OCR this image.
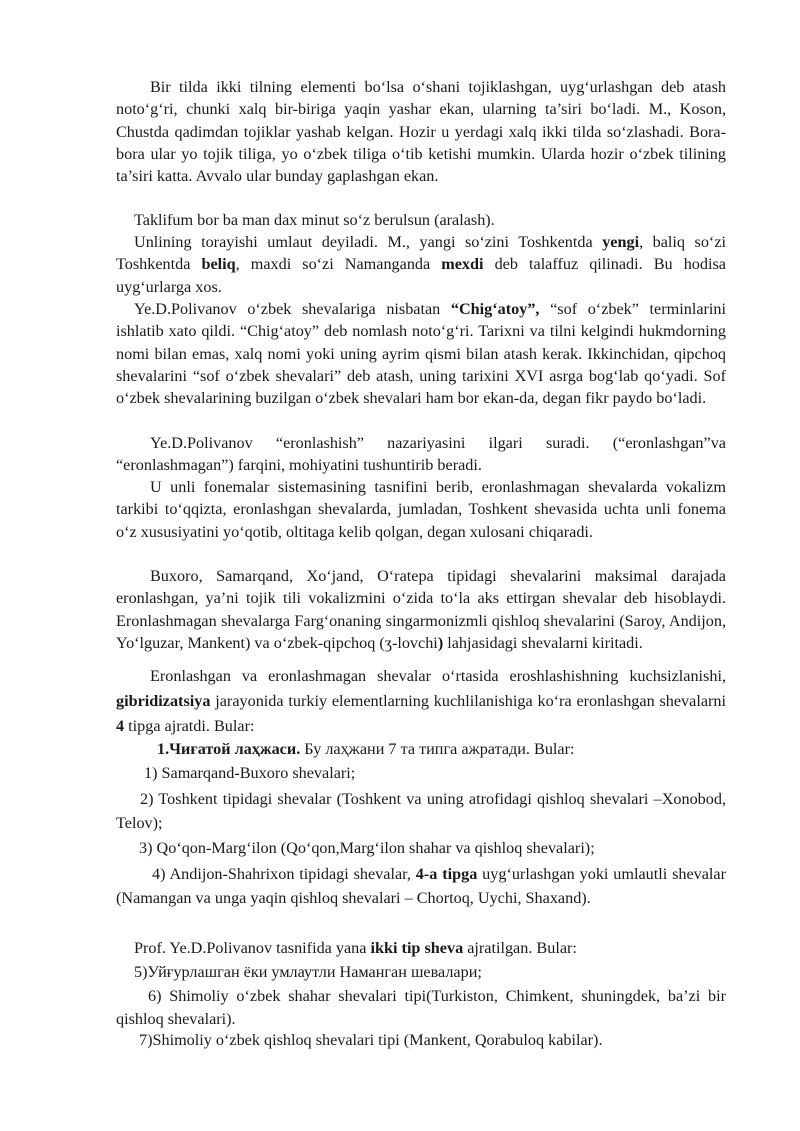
Bir tilda ikki tilning elementi bo‘lsa o‘shani tojiklashgan, uyg‘urlashgan deb atash noto‘g‘ri, chunki xalq bir-biriga yaqin yashar ekan, ularning ta’siri bo‘ladi. M., Koson, Chustda qadimdan tojiklar yashab kelgan. Hozir u yerdagi xalq ikki tilda so‘zlashadi. Bora-bora ular yo tojik tiliga, yo o‘zbek tiliga o‘tib ketishi mumkin. Ularda hozir o‘zbek tilining ta’siri katta. Avvalo ular bunday gaplashgan ekan.

Taklifum bor ba man dax minut so‘z berulsun (aralash).

Unlining torayishi umlaut deyiladi. M., yangi so‘zini Toshkentda yengi, baliq so‘zi Toshkentda beliq, maxdi so‘zi Namanganda mexdi deb talaffuz qilinadi. Bu hodisa uyg‘urlarga xos.

Ye.D.Polivanov o‘zbek shevalariga nisbatan “Chig‘atoy”, “sof o‘zbek” terminlarini ishlatib xato qildi. “Chig‘atoy” deb nomlash noto‘g‘ri. Tarixni va tilni kelgindi hukmdorning nomi bilan emas, xalq nomi yoki uning ayrim qismi bilan atash kerak. Ikkinchidan, qipchoq shevalarini “sof o‘zbek shevalari” deb atash, uning tarixini XVI asrga bog‘lab qo‘yadi. Sof o‘zbek shevalarining buzilgan o‘zbek shevalari ham bor ekan-da, degan fikr paydo bo‘ladi.

Ye.D.Polivanov “eronlashish” nazariyasini ilgari suradi. (“eronlashgan”va “eronlashmagan”) farqini, mohiyatini tushuntirib beradi.

U unli fonemalar sistemasining tasnifini berib, eronlashmagan shevalarda vokalizm tarkibi to‘qqizta, eronlashgan shevalarda, jumladan, Toshkent shevasida uchta unli fonema o‘z xususiyatini yo‘qotib, oltitaga kelib qolgan, degan xulosani chiqaradi.

Buxoro, Samarqand, Xo‘jand, O‘ratepa tipidagi shevalarini maksimal darajada eronlashgan, ya’ni tojik tili vokalizmini o‘zida to‘la aks ettirgan shevalar deb hisoblaydi. Eronlashmagan shevalarga Farg‘onaning singarmonizmli qishloq shevalarini (Saroy, Andijon, Yo‘lguzar, Mankent) va o‘zbek-qipchoq (ʒ-lovchi) lahjasidagi shevalarni kiritadi.

Eronlashgan va eronlashmagan shevalar o‘rtasida eroshlashishning kuchsizlanishi, gibridizatsiya jarayonida turkiy elementlarning kuchlilanishiga ko‘ra eronlashgan shevalarni 4 tipga ajratdi. Bular:

1.Чиғатой лаҳжаси. Бу лаҳжани 7 та типга ажратади. Bular:

1) Samarqand-Buxoro shevalari;

2) Toshkent tipidagi shevalar (Toshkent va uning atrofidagi qishloq shevalari –Xonobod, Telov);

3) Qo‘qon-Marg‘ilon (Qo‘qon,Marg‘ilon shahar va qishloq shevalari);

4) Andijon-Shahrixon tipidagi shevalar, 4-a tipga uyg‘urlashgan yoki umlautli shevalar (Namangan va unga yaqin qishloq shevalari – Chortoq, Uychi, Shaxand).

Prof. Ye.D.Polivanov tasnifida yana ikki tip sheva ajratilgan. Bular:

5)Уйғурлашган ёки умлаутли Наманган шевалари;

6) Shimoliy o‘zbek shahar shevalari tipi(Turkiston, Chimkent, shuningdek, ba’zi bir qishloq shevalari).

7)Shimoliy o‘zbek qishloq shevalari tipi (Mankent, Qorabuloq kabilar).
